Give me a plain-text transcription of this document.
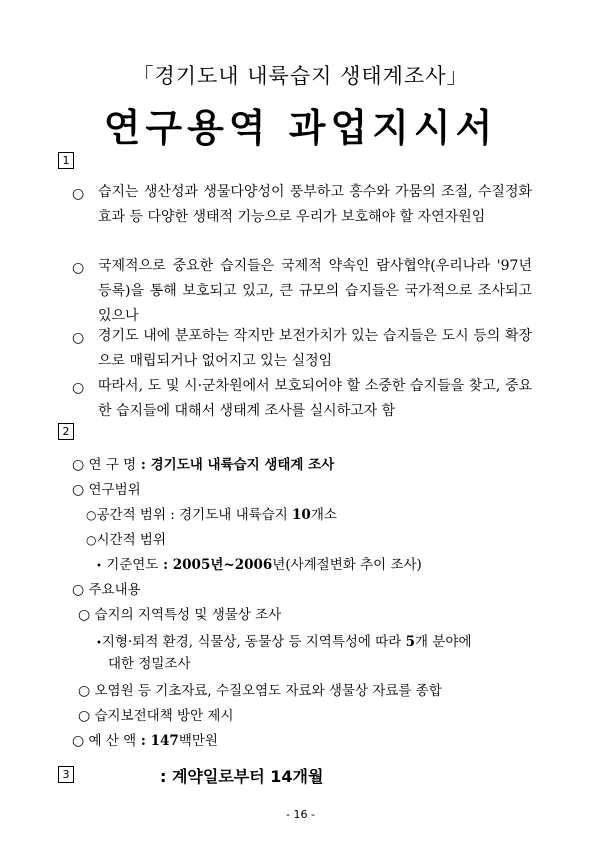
「경기도내 내륙습지 생태계조사」
연구용역 과업지시서
1
○ 습지는 생산성과 생물다양성이 풍부하고 홍수와 가뭄의 조절, 수질정화효과 등 다양한 생태적 기능으로 우리가 보호해야 할 자연자원임
○ 국제적으로 중요한 습지들은 국제적 약속인 람사협약(우리나라 '97년 등록)을 통해 보호되고 있고, 큰 규모의 습지들은 국가적으로 조사되고 있으나
○ 경기도 내에 분포하는 작지만 보전가치가 있는 습지들은 도시 등의 확장으로 매립되거나 없어지고 있는 실정임
○ 따라서, 도 및 시·군차원에서 보호되어야 할 소중한 습지들을 찾고, 중요한 습지들에 대해서 생태계 조사를 실시하고자 함
2
○ 연 구 명 : 경기도내 내륙습지 생태계 조사
○ 연구범위
○공간적 범위 : 경기도내 내륙습지 10개소
○시간적 범위
• 기준연도 : 2005년~2006년(사계절변화 추이 조사)
○ 주요내용
○ 습지의 지역특성 및 생물상 조사
•지형·퇴적 환경, 식물상, 동물상 등 지역특성에 따라 5개 분야에
대한 정밀조사
○ 오염원 등 기초자료, 수질오염도 자료와 생물상 자료를 종합
○ 습지보전대책 방안 제시
○ 예 산 액 : 147백만원
3	: 계약일로부터 14개월
- 16 -
